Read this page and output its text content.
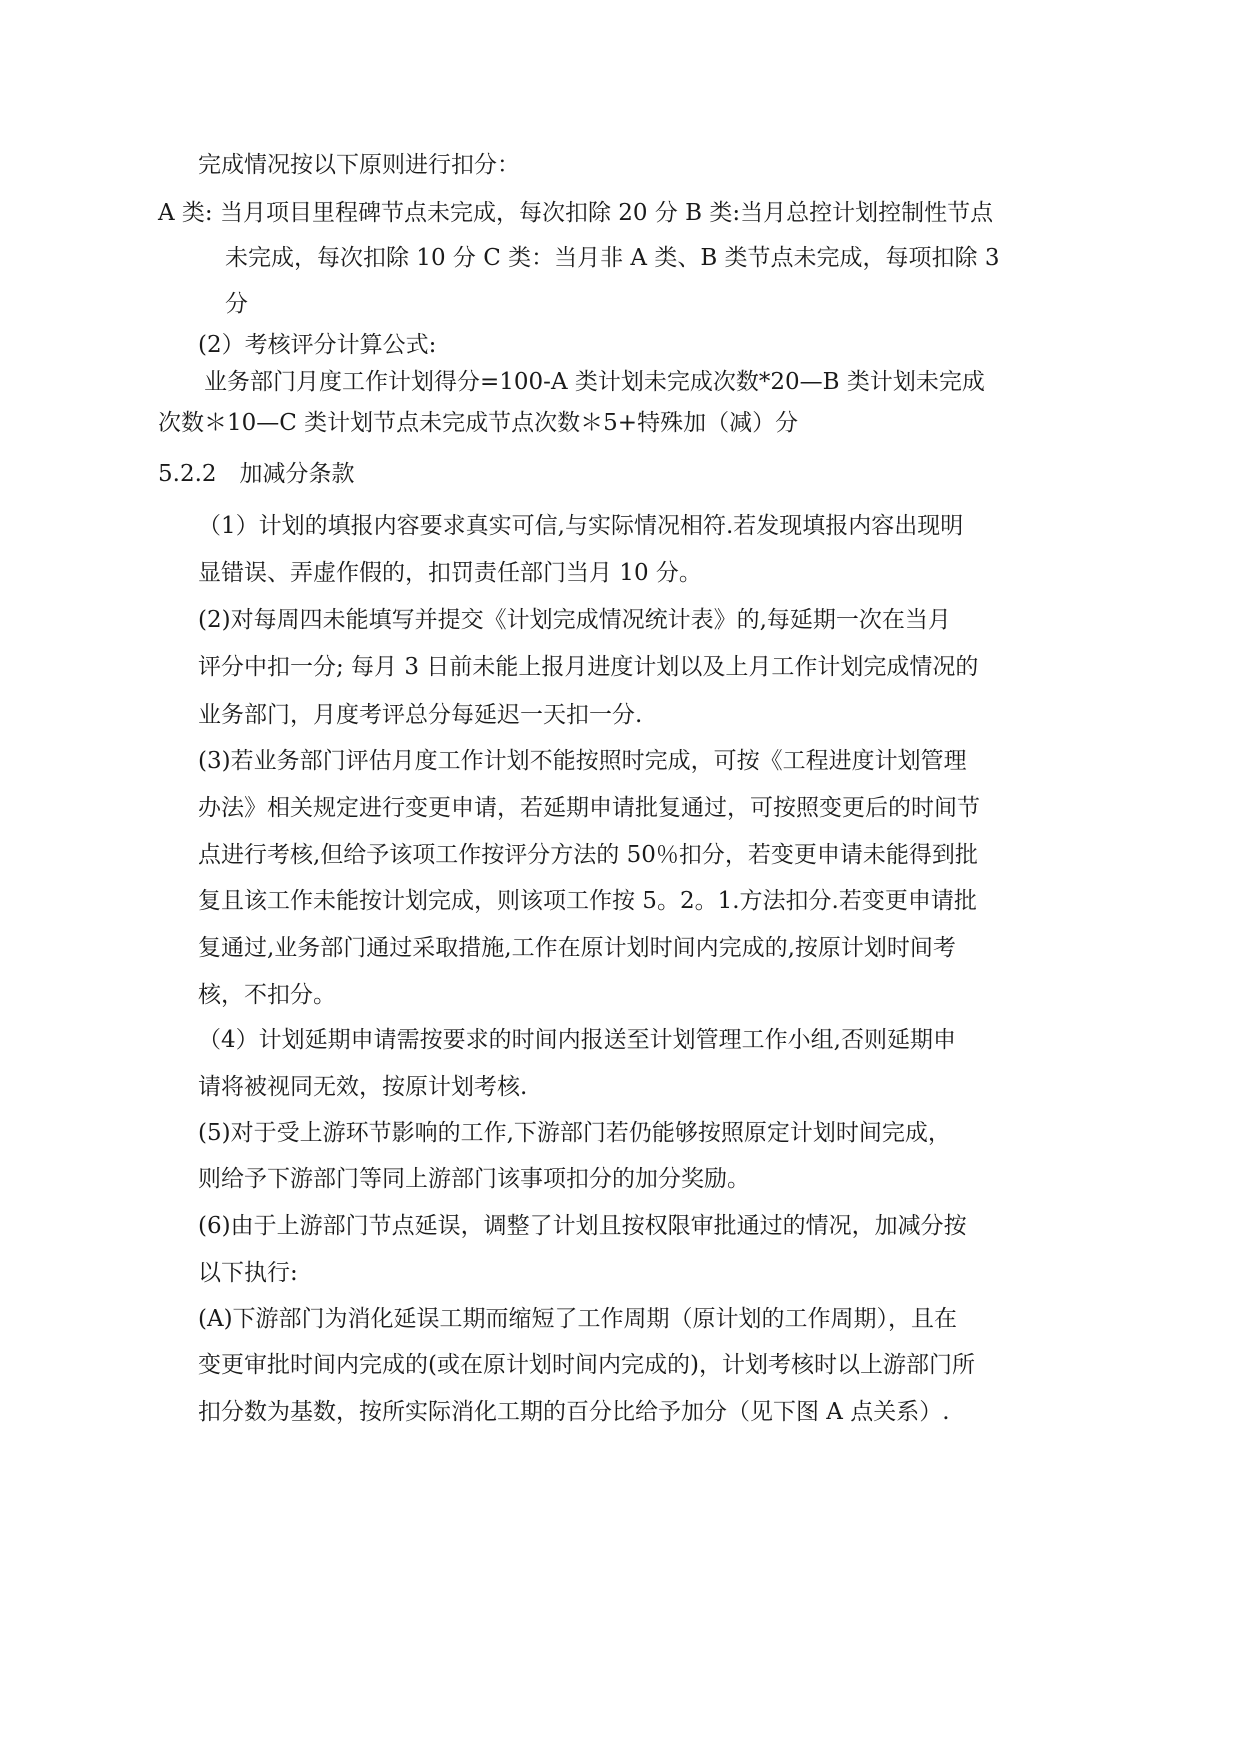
完成情况按以下原则进行扣分：
A 类: 当月项目里程碑节点未完成，每次扣除 20 分 B 类:当月总控计划控制性节点
未完成，每次扣除 10 分 C 类：当月非 A 类、B 类节点未完成，每项扣除 3
分
(2）考核评分计算公式:
业务部门月度工作计划得分=100-A 类计划未完成次数*20—B 类计划未完成
次数＊10—C 类计划节点未完成节点次数＊5+特殊加（减）分
5.2.2　加减分条款
（1）计划的填报内容要求真实可信,与实际情况相符.若发现填报内容出现明
显错误、弄虚作假的，扣罚责任部门当月 10 分。
(2)对每周四未能填写并提交《计划完成情况统计表》的,每延期一次在当月
评分中扣一分; 每月 3 日前未能上报月进度计划以及上月工作计划完成情况的
业务部门，月度考评总分每延迟一天扣一分.
(3)若业务部门评估月度工作计划不能按照时完成，可按《工程进度计划管理
办法》相关规定进行变更申请，若延期申请批复通过，可按照变更后的时间节
点进行考核,但给予该项工作按评分方法的 50％扣分，若变更申请未能得到批
复且该工作未能按计划完成，则该项工作按 5。2。1.方法扣分.若变更申请批
复通过,业务部门通过采取措施,工作在原计划时间内完成的,按原计划时间考
核，不扣分。
（4）计划延期申请需按要求的时间内报送至计划管理工作小组,否则延期申
请将被视同无效，按原计划考核.
(5)对于受上游环节影响的工作,下游部门若仍能够按照原定计划时间完成，
则给予下游部门等同上游部门该事项扣分的加分奖励。
(6)由于上游部门节点延误，调整了计划且按权限审批通过的情况，加减分按
以下执行:
(A)下游部门为消化延误工期而缩短了工作周期（原计划的工作周期），且在
变更审批时间内完成的(或在原计划时间内完成的)，计划考核时以上游部门所
扣分数为基数，按所实际消化工期的百分比给予加分（见下图 A 点关系）.
